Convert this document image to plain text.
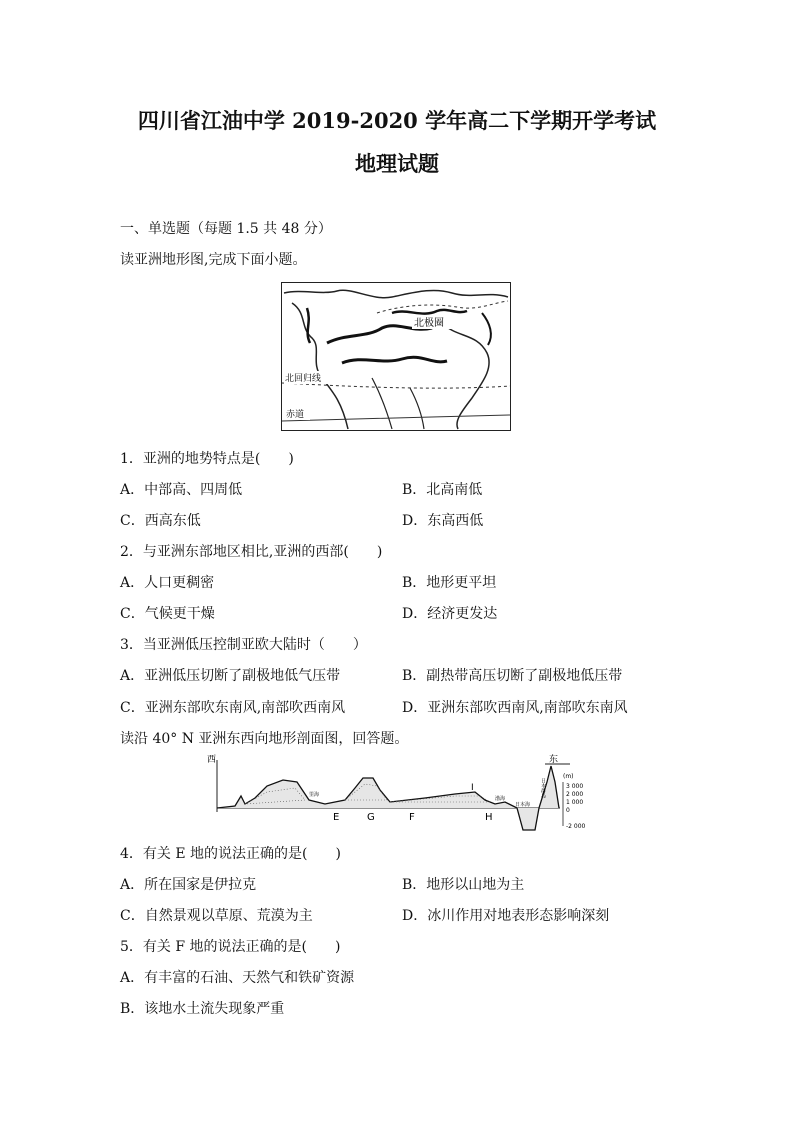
四川省江油中学 2019-2020 学年高二下学期开学考试
地理试题
一、单选题（每题 1.5 共 48 分）
读亚洲地形图,完成下面小题。
北极圈
北回归线
赤道
1．亚洲的地势特点是(　　)
A．中部高、四周低	B．北高南低
C．西高东低	D．东高西低
2．与亚洲东部地区相比,亚洲的西部(　　)
A．人口更稠密	B．地形更平坦
C．气候更干燥	D．经济更发达
3．当亚洲低压控制亚欧大陆时（　　）
A．亚洲低压切断了副极地低气压带	B．副热带高压切断了副极地低压带
C．亚洲东部吹东南风,南部吹西南风	D．亚洲东部吹西南风,南部吹东南风
读沿 40° N 亚洲东西向地形剖面图，回答题。
西	东
E	G	F	H
I
里海
渤海
日本海
日本群岛
(m)
3 000
2 000
1 000
0
-2 000
4．有关 E 地的说法正确的是(　　)
A．所在国家是伊拉克	B．地形以山地为主
C．自然景观以草原、荒漠为主	D．冰川作用对地表形态影响深刻
5．有关 F 地的说法正确的是(　　)
A．有丰富的石油、天然气和铁矿资源
B．该地水土流失现象严重
